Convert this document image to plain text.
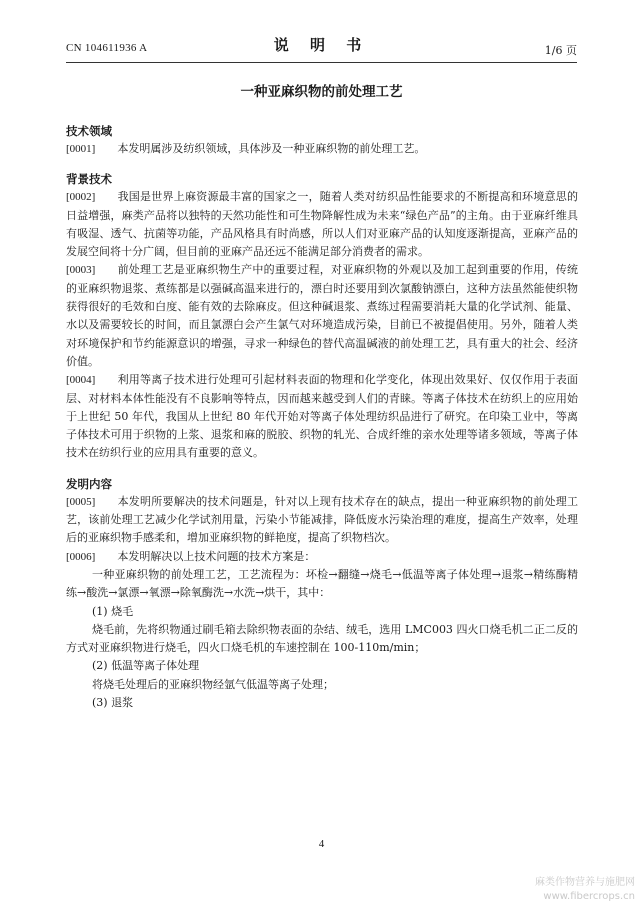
CN 104611936 A	说 明 书	1/6 页
一种亚麻织物的前处理工艺
技术领域

[0001] 本发明属涉及纺织领域，具体涉及一种亚麻织物的前处理工艺。

背景技术

[0002] 我国是世界上麻资源最丰富的国家之一，随着人类对纺织品性能要求的不断提高和环境意思的日益增强，麻类产品将以独特的天然功能性和可生物降解性成为未来“绿色产品”的主角。由于亚麻纤维具有吸湿、透气、抗菌等功能，产品风格具有时尚感，所以人们对亚麻产品的认知度逐渐提高，亚麻产品的发展空间将十分广阔，但目前的亚麻产品还远不能满足部分消费者的需求。

[0003] 前处理工艺是亚麻织物生产中的重要过程，对亚麻织物的外观以及加工起到重要的作用，传统的亚麻织物退浆、煮练都是以强碱高温来进行的，漂白时还要用到次氯酸钠漂白，这种方法虽然能使织物获得很好的毛效和白度、能有效的去除麻皮。但这种碱退浆、煮练过程需要消耗大量的化学试剂、能量、水以及需要较长的时间，而且氯漂白会产生氯气对环境造成污染，目前已不被提倡使用。另外，随着人类对环境保护和节约能源意识的增强，寻求一种绿色的替代高温碱液的前处理工艺，具有重大的社会、经济价值。

[0004] 利用等离子技术进行处理可引起材料表面的物理和化学变化，体现出效果好、仅仅作用于表面层、对材料本体性能没有不良影响等特点，因而越来越受到人们的青睐。等离子体技术在纺织上的应用始于上世纪 50 年代，我国从上世纪 80 年代开始对等离子体处理纺织品进行了研究。在印染工业中，等离子体技术可用于织物的上浆、退浆和麻的脱胶、织物的轧光、合成纤维的亲水处理等诸多领域，等离子体技术在纺织行业的应用具有重要的意义。

发明内容

[0005] 本发明所要解决的技术问题是，针对以上现有技术存在的缺点，提出一种亚麻织物的前处理工艺，该前处理工艺减少化学试剂用量，污染小节能减排，降低废水污染治理的难度，提高生产效率，处理后的亚麻织物手感柔和，增加亚麻织物的鲜艳度，提高了织物档次。

[0006] 本发明解决以上技术问题的技术方案是：

一种亚麻织物的前处理工艺，工艺流程为：坏检→翻缝→烧毛→低温等离子体处理→退浆→精练酶精练→酸洗→氯漂→氧漂→除氧酶洗→水洗→烘干，其中：

(1) 烧毛

烧毛前，先将织物通过刷毛箱去除织物表面的杂结、绒毛，选用 LMC003 四火口烧毛机二正二反的方式对亚麻织物进行烧毛，四火口烧毛机的车速控制在 100-110m/min；

(2) 低温等离子体处理

将烧毛处理后的亚麻织物经氩气低温等离子处理；

(3) 退浆

4
麻类作物营养与施肥网
www.fibercrops.cn
